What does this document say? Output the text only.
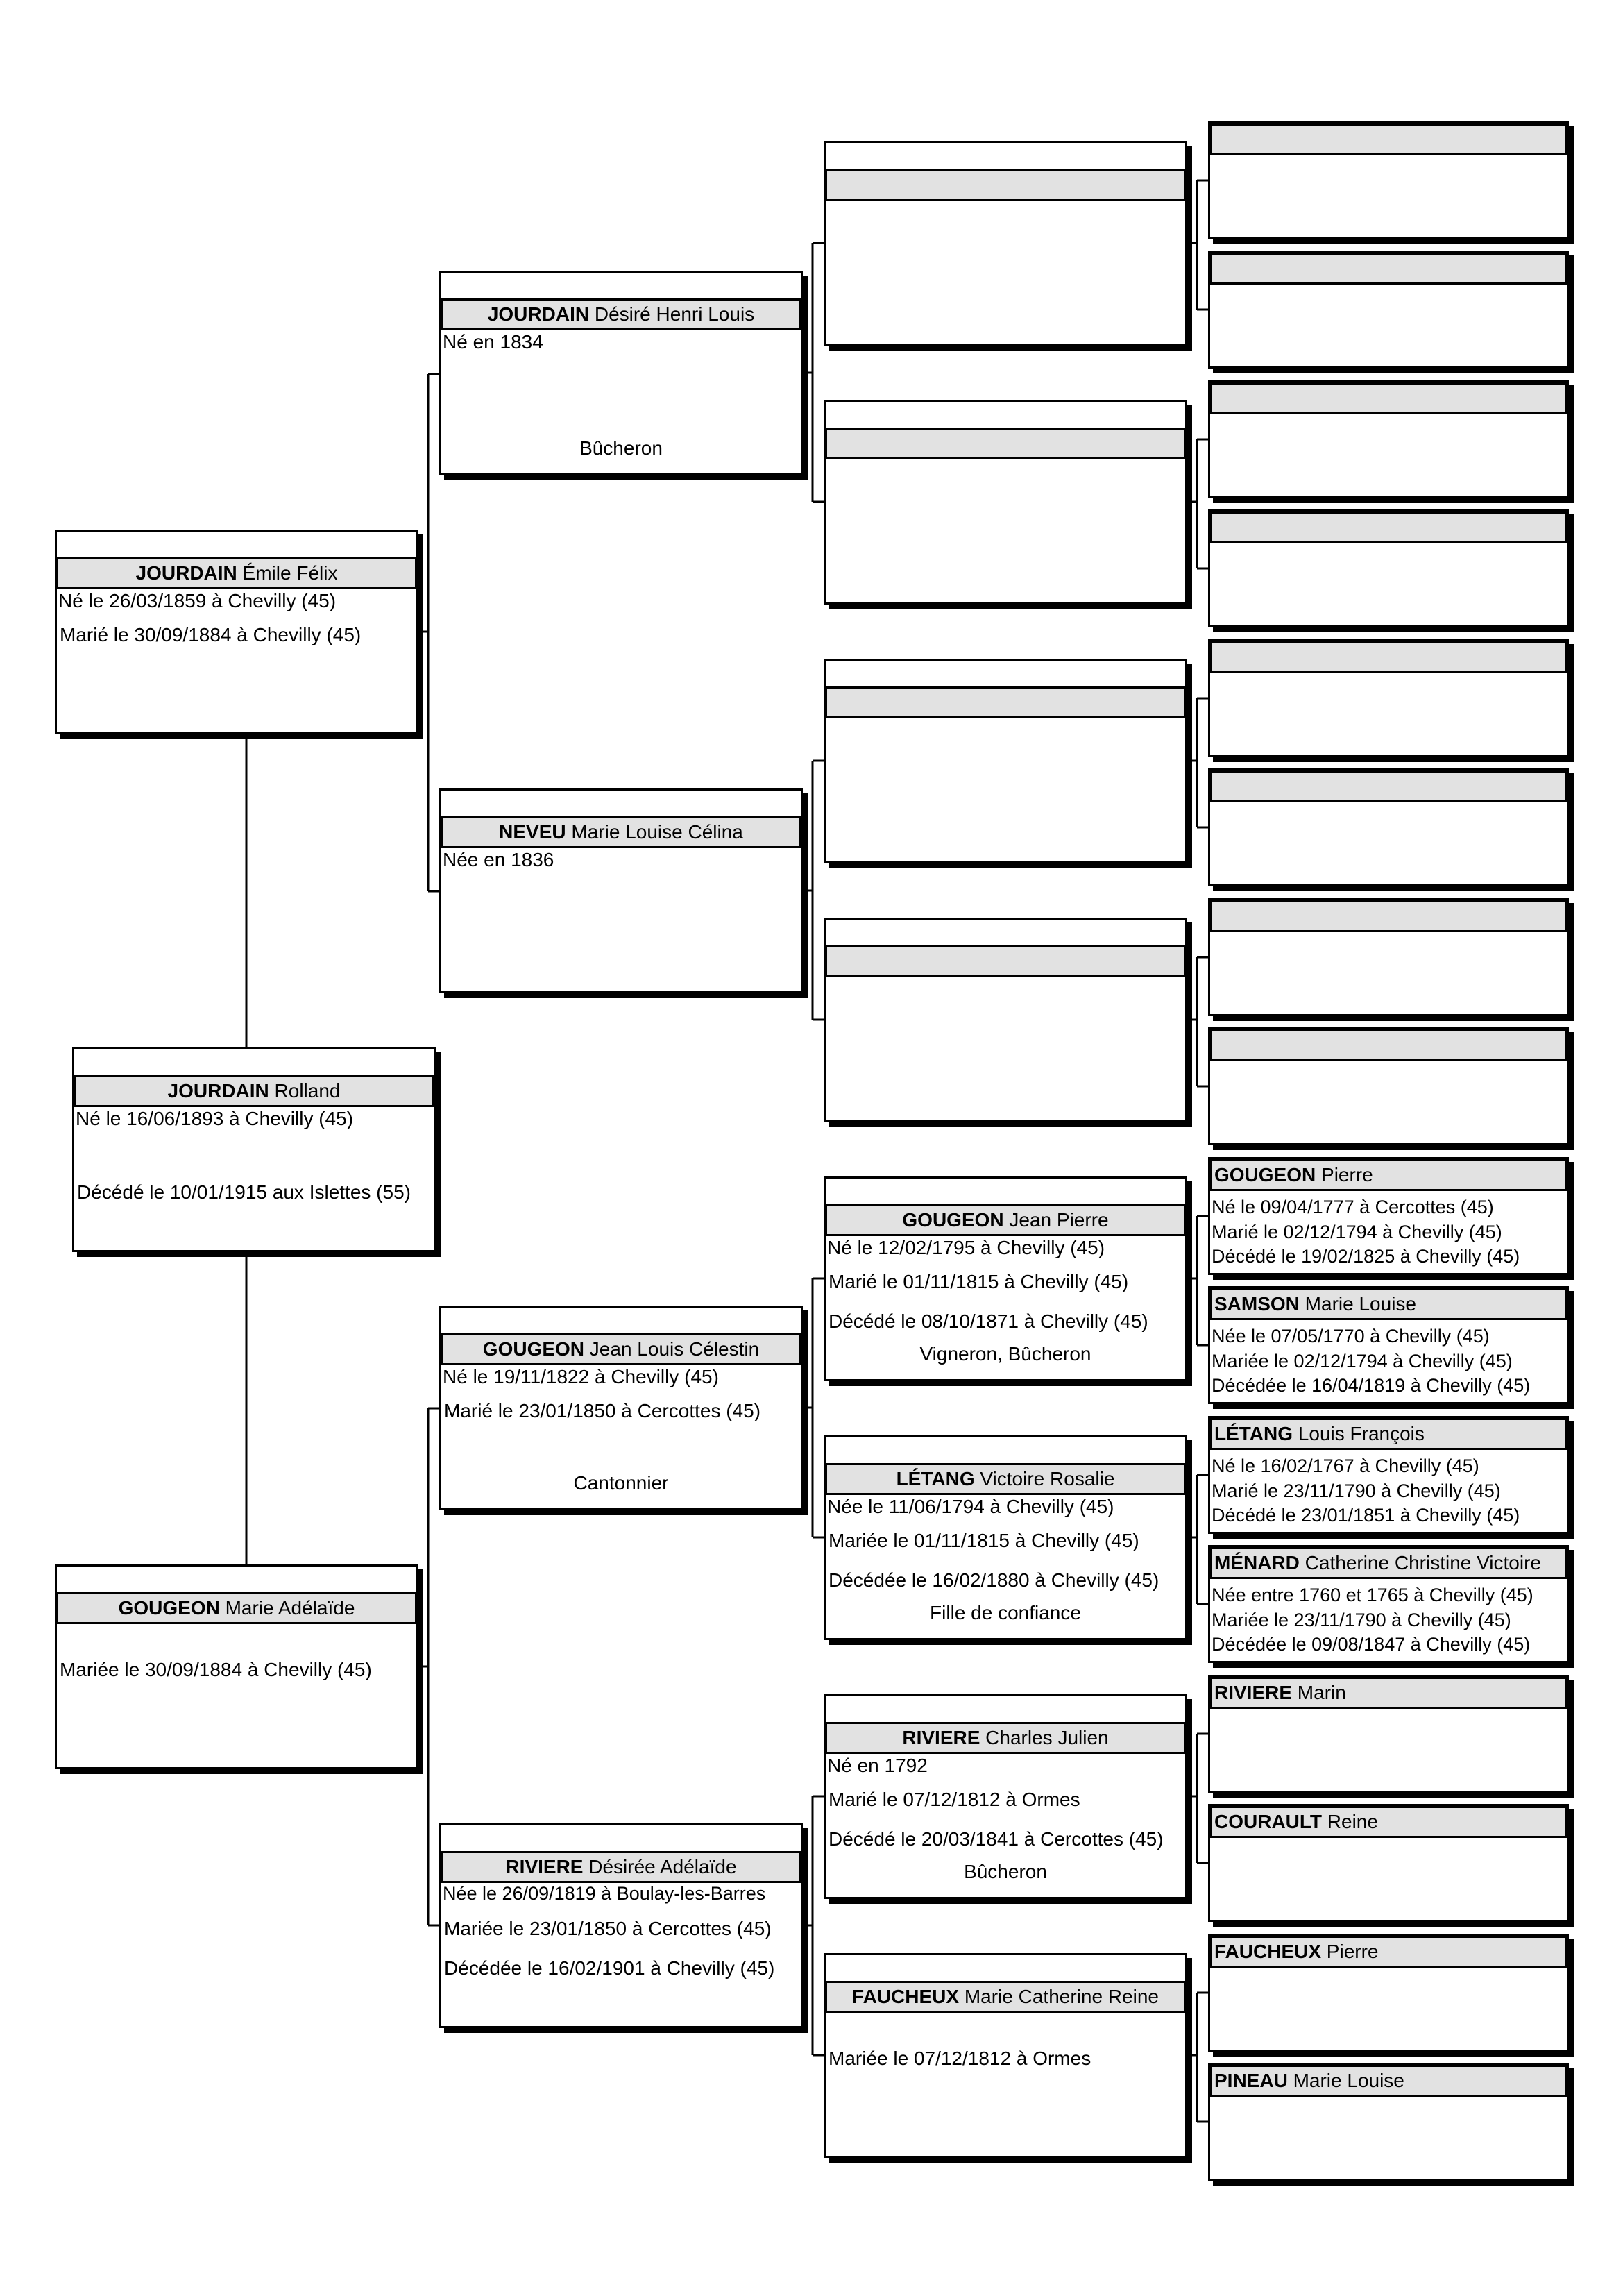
JOURDAIN Rolland
Né le 16/06/1893 à Chevilly (45)
Décédé le 10/01/1915 aux Islettes (55)
JOURDAIN Émile Félix
Né le 26/03/1859 à Chevilly (45)
Marié le 30/09/1884 à Chevilly (45)
GOUGEON Marie Adélaïde
Mariée le 30/09/1884 à Chevilly (45)
JOURDAIN Désiré Henri Louis
Né en 1834
Bûcheron
NEVEU Marie Louise Célina
Née en 1836
GOUGEON Jean Louis Célestin
Né le 19/11/1822 à Chevilly (45)
Marié le 23/01/1850 à Cercottes (45)
Cantonnier
RIVIERE Désirée Adélaïde
Née le 26/09/1819 à Boulay-les-Barres
Mariée le 23/01/1850 à Cercottes (45)
Décédée le 16/02/1901 à Chevilly (45)
GOUGEON Jean Pierre
Né le 12/02/1795 à Chevilly (45)
Marié le 01/11/1815 à Chevilly (45)
Décédé le 08/10/1871 à Chevilly (45)
Vigneron, Bûcheron
LÉTANG Victoire Rosalie
Née le 11/06/1794 à Chevilly (45)
Mariée le 01/11/1815 à Chevilly (45)
Décédée le 16/02/1880 à Chevilly (45)
Fille de confiance
RIVIERE Charles Julien
Né en 1792
Marié le 07/12/1812 à Ormes
Décédé le 20/03/1841 à Cercottes (45)
Bûcheron
FAUCHEUX Marie Catherine Reine
Mariée le 07/12/1812 à Ormes
GOUGEON Pierre
Né le 09/04/1777 à Cercottes (45)
Marié le 02/12/1794 à Chevilly (45)
Décédé le 19/02/1825 à Chevilly (45)
SAMSON Marie Louise
Née le 07/05/1770 à Chevilly (45)
Mariée le 02/12/1794 à Chevilly (45)
Décédée le 16/04/1819 à Chevilly (45)
LÉTANG Louis François
Né le 16/02/1767 à Chevilly (45)
Marié le 23/11/1790 à Chevilly (45)
Décédé le 23/01/1851 à Chevilly (45)
MÉNARD Catherine Christine Victoire
Née entre 1760 et 1765 à Chevilly (45)
Mariée le 23/11/1790 à Chevilly (45)
Décédée le 09/08/1847 à Chevilly (45)
RIVIERE Marin
COURAULT Reine
FAUCHEUX Pierre
PINEAU Marie Louise
